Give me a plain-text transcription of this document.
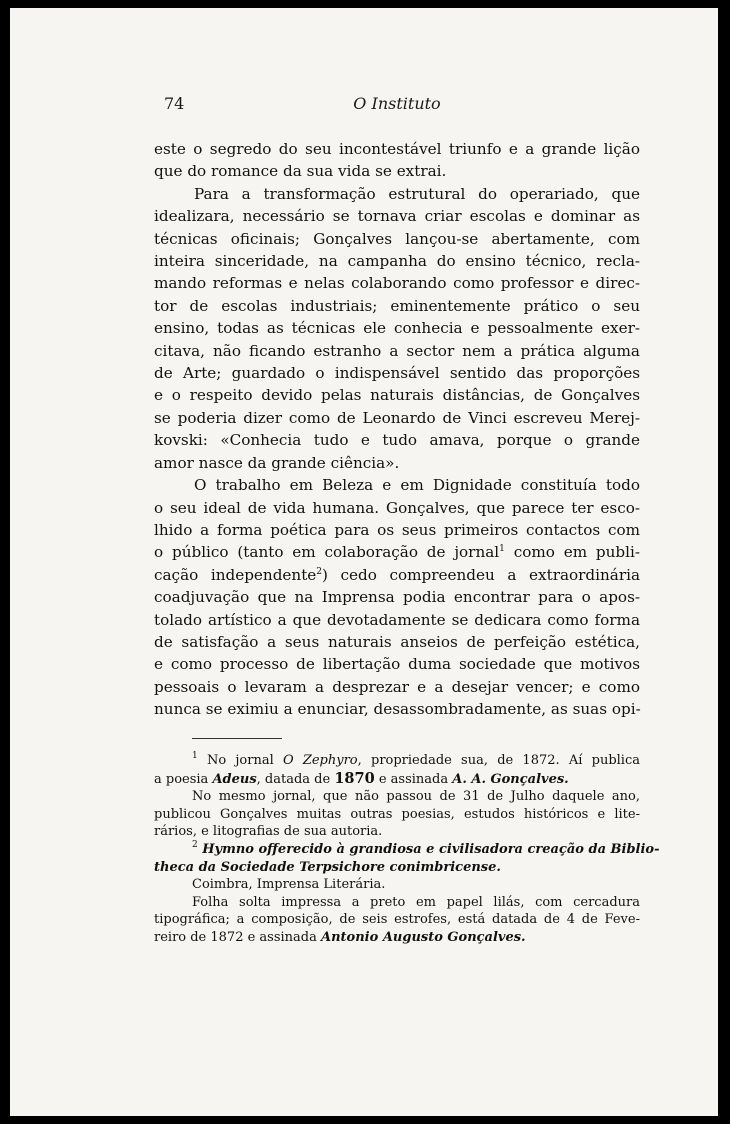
74	O Instituto

este o segredo do seu incontestável triunfo e a grande lição
que do romance da sua vida se extrai.

Para a transformação estrutural do operariado, que
idealizara, necessário se tornava criar escolas e dominar as
técnicas oficinais; Gonçalves lançou-se abertamente, com
inteira sinceridade, na campanha do ensino técnico, recla-
mando reformas e nelas colaborando como professor e direc-
tor de escolas industriais; eminentemente prático o seu
ensino, todas as técnicas ele conhecia e pessoalmente exer-
citava, não ficando estranho a sector nem a prática alguma
de Arte; guardado o indispensável sentido das proporções
e o respeito devido pelas naturais distâncias, de Gonçalves
se poderia dizer como de Leonardo de Vinci escreveu Merej-
kovski: «Conhecia tudo e tudo amava, porque o grande
amor nasce da grande ciência».

O trabalho em Beleza e em Dignidade constituía todo
o seu ideal de vida humana. Gonçalves, que parece ter esco-
lhido a forma poética para os seus primeiros contactos com
o público (tanto em colaboração de jornal$^1$ como em publi-
cação independente$^2$) cedo compreendeu a extraordinária
coadjuvação que na Imprensa podia encontrar para o apos-
tolado artístico a que devotadamente se dedicara como forma
de satisfação a seus naturais anseios de perfeição estética,
e como processo de libertação duma sociedade que motivos
pessoais o levaram a desprezar e a desejar vencer; e como
nunca se eximiu a enunciar, desassombradamente, as suas opi-

$^1$ No jornal O Zephyro, propriedade sua, de 1872. Aí publica
a poesia Adeus, datada de 1870 e assinada A. A. Gonçalves.
No mesmo jornal, que não passou de 31 de Julho daquele ano,
publicou Gonçalves muitas outras poesias, estudos históricos e lite-
rários, e litografias de sua autoria.
$^2$ Hymno offerecido à grandiosa e civilisadora creação da Biblio-
theca da Sociedade Terpsichore conimbricense.
Coimbra, Imprensa Literária.
Folha solta impressa a preto em papel lilás, com cercadura
tipográfica; a composição, de seis estrofes, está datada de 4 de Feve-
reiro de 1872 e assinada Antonio Augusto Gonçalves.
